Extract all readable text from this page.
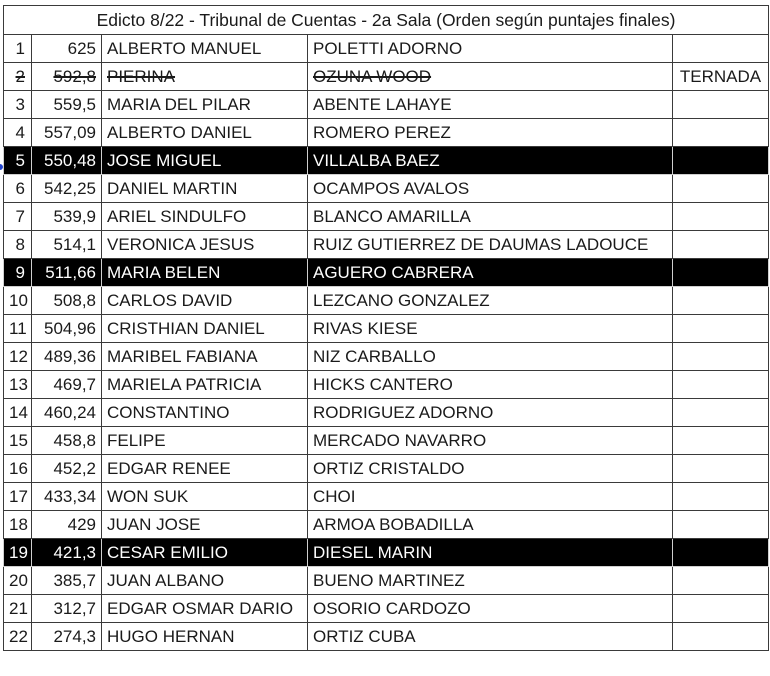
Edicto 8/22 - Tribunal de Cuentas - 2a Sala (Orden según puntajes finales)				
1	625	ALBERTO MANUEL	POLETTI ADORNO	
2	592,8	PIERINA	OZUNA WOOD	TERNADA
3	559,5	MARIA DEL PILAR	ABENTE LAHAYE	
4	557,09	ALBERTO DANIEL	ROMERO PEREZ	
5	550,48	JOSE MIGUEL	VILLALBA BAEZ	
6	542,25	DANIEL MARTIN	OCAMPOS AVALOS	
7	539,9	ARIEL SINDULFO	BLANCO AMARILLA	
8	514,1	VERONICA JESUS	RUIZ GUTIERREZ DE DAUMAS LADOUCE	
9	511,66	MARIA BELEN	AGUERO CABRERA	
10	508,8	CARLOS DAVID	LEZCANO GONZALEZ	
11	504,96	CRISTHIAN DANIEL	RIVAS KIESE	
12	489,36	MARIBEL FABIANA	NIZ CARBALLO	
13	469,7	MARIELA PATRICIA	HICKS CANTERO	
14	460,24	CONSTANTINO	RODRIGUEZ ADORNO	
15	458,8	FELIPE	MERCADO NAVARRO	
16	452,2	EDGAR RENEE	ORTIZ CRISTALDO	
17	433,34	WON SUK	CHOI	
18	429	JUAN JOSE	ARMOA BOBADILLA	
19	421,3	CESAR EMILIO	DIESEL MARIN	
20	385,7	JUAN ALBANO	BUENO MARTINEZ	
21	312,7	EDGAR OSMAR DARIO	OSORIO CARDOZO	
22	274,3	HUGO HERNAN	ORTIZ CUBA	
